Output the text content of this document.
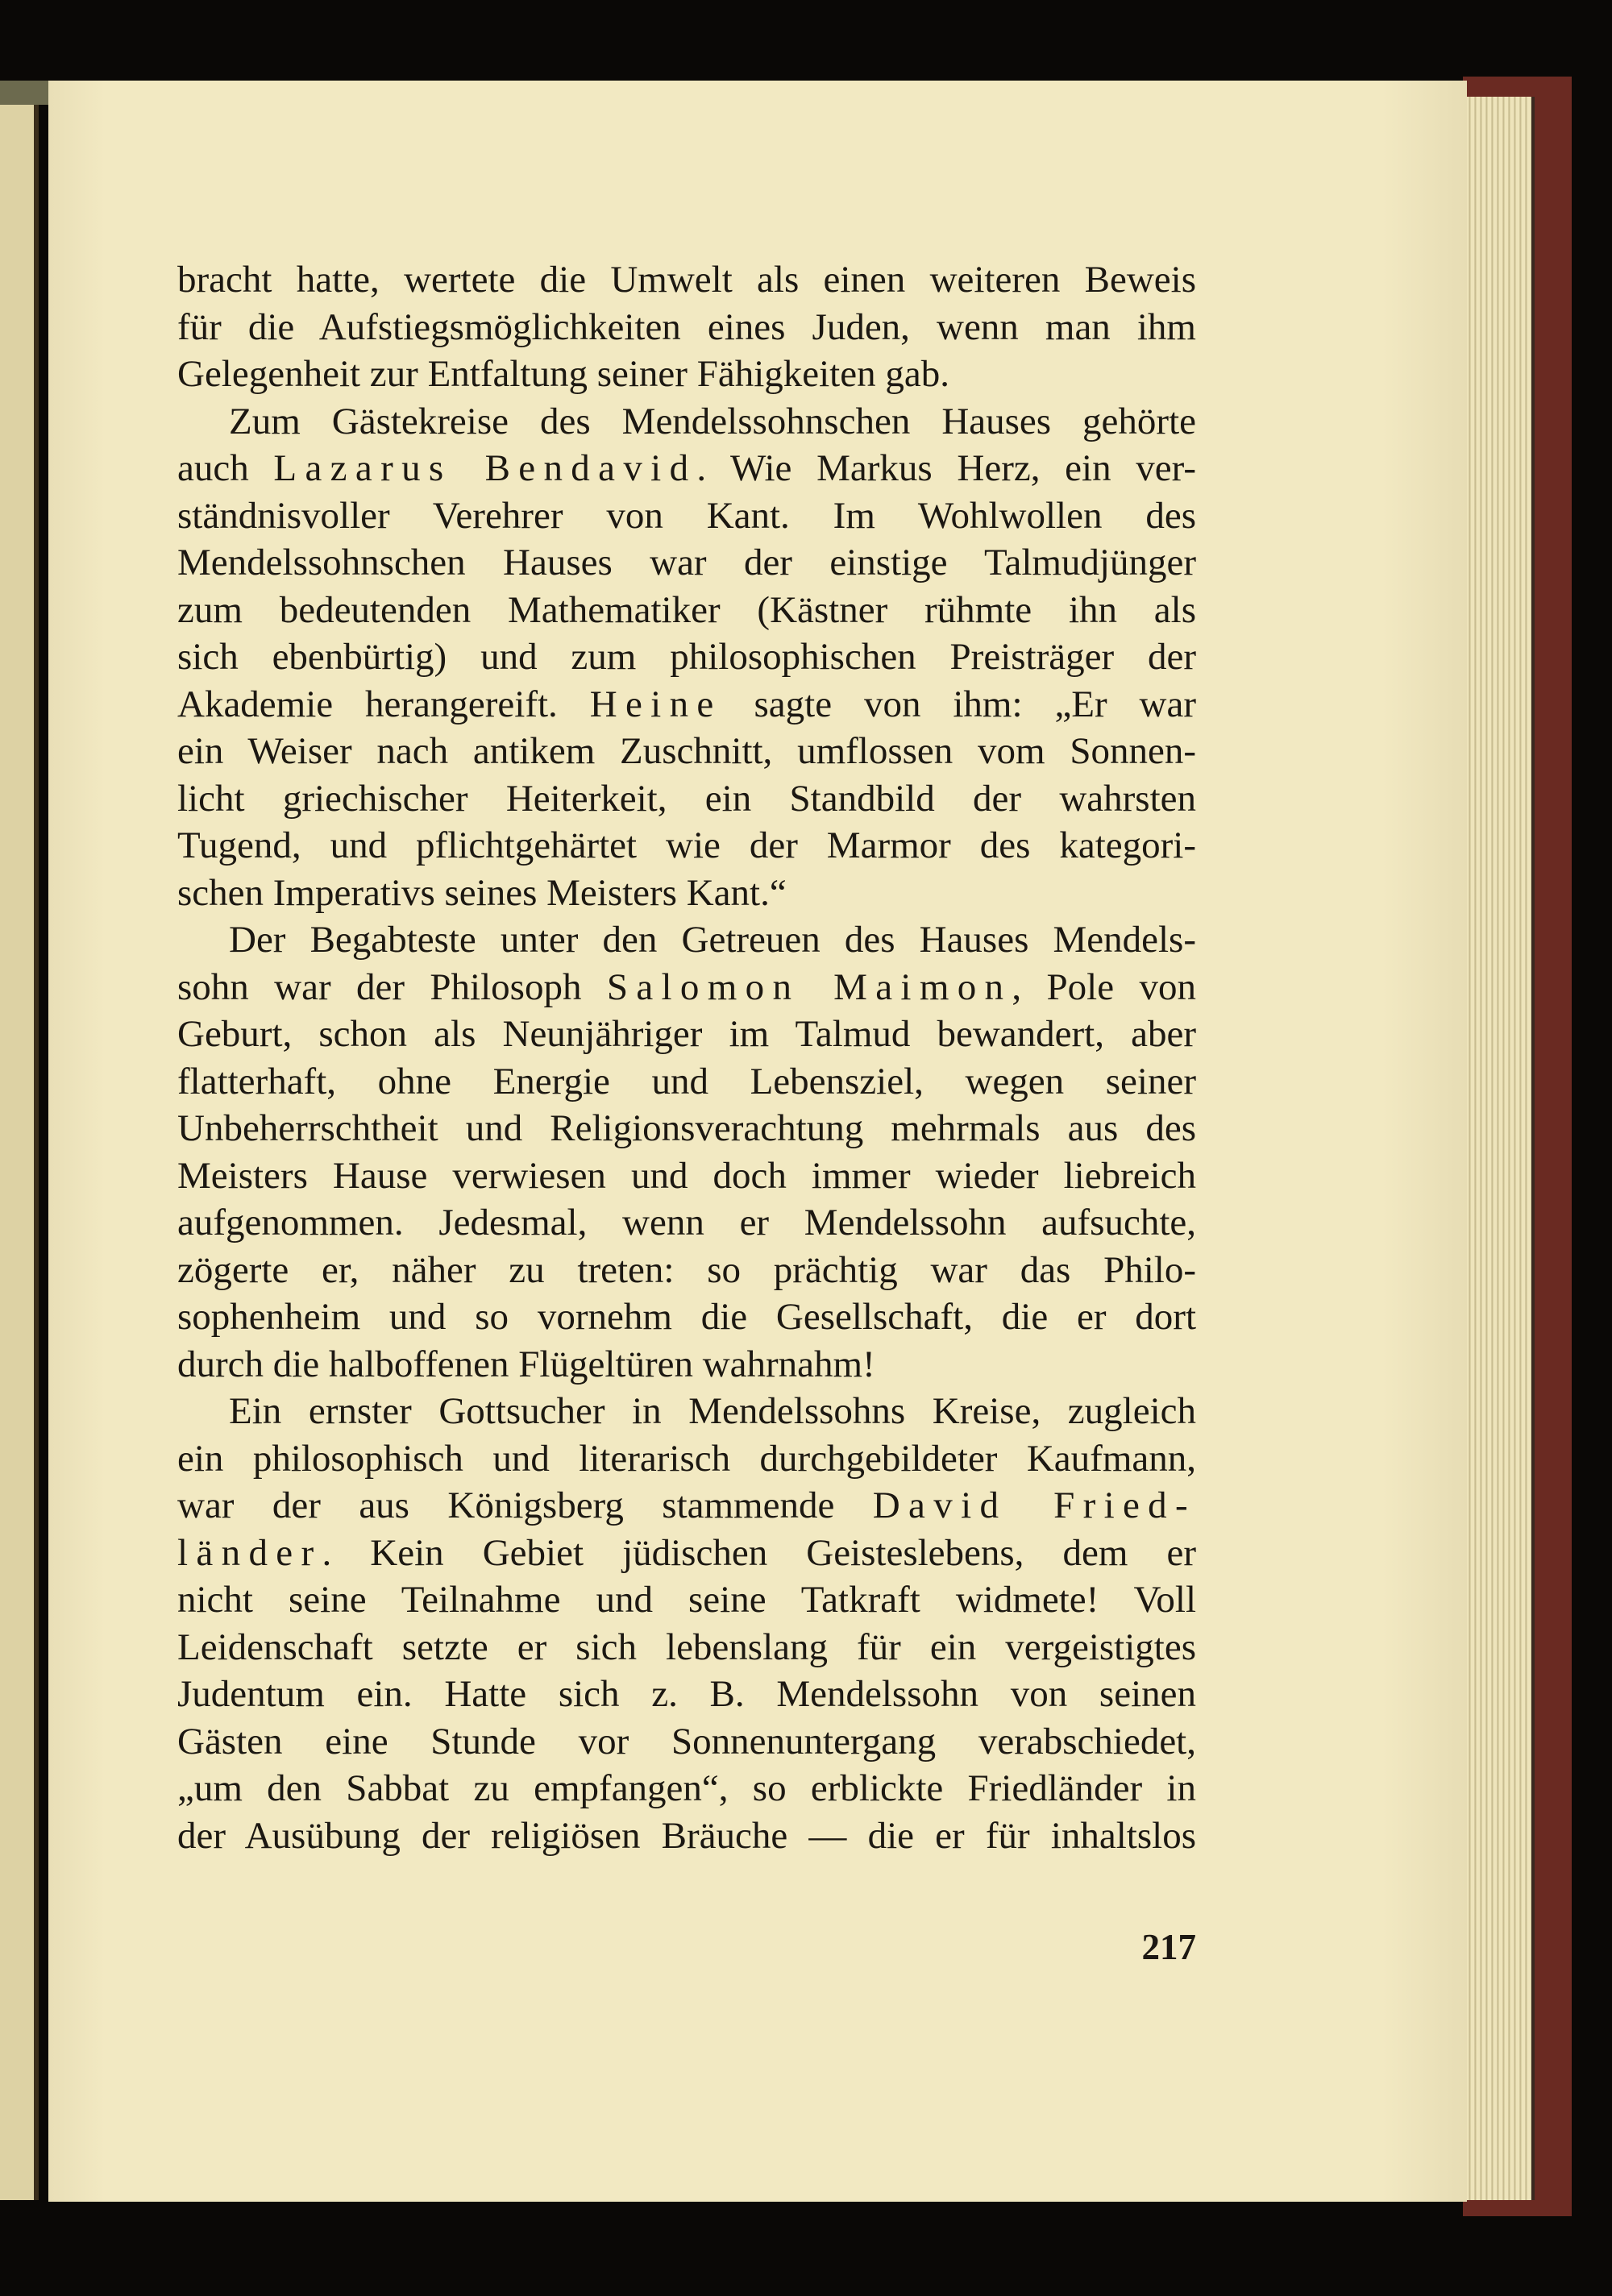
bracht hatte, wertete die Umwelt als einen weiteren Beweis
für die Aufstiegsmöglichkeiten eines Juden, wenn man ihm
Gelegenheit zur Entfaltung seiner Fähigkeiten gab.
Zum Gästekreise des Mendelssohnschen Hauses gehörte
auch Lazarus Bendavid. Wie Markus Herz, ein ver-
ständnisvoller Verehrer von Kant. Im Wohlwollen des
Mendelssohnschen Hauses war der einstige Talmudjünger
zum bedeutenden Mathematiker (Kästner rühmte ihn als
sich ebenbürtig) und zum philosophischen Preisträger der
Akademie herangereift. Heine sagte von ihm: „Er war
ein Weiser nach antikem Zuschnitt, umflossen vom Sonnen-
licht griechischer Heiterkeit, ein Standbild der wahrsten
Tugend, und pflichtgehärtet wie der Marmor des kategori-
schen Imperativs seines Meisters Kant.“
Der Begabteste unter den Getreuen des Hauses Mendels-
sohn war der Philosoph Salomon Maimon, Pole von
Geburt, schon als Neunjähriger im Talmud bewandert, aber
flatterhaft, ohne Energie und Lebensziel, wegen seiner
Unbeherrschtheit und Religionsverachtung mehrmals aus des
Meisters Hause verwiesen und doch immer wieder liebreich
aufgenommen. Jedesmal, wenn er Mendelssohn aufsuchte,
zögerte er, näher zu treten: so prächtig war das Philo-
sophenheim und so vornehm die Gesellschaft, die er dort
durch die halboffenen Flügeltüren wahrnahm!
Ein ernster Gottsucher in Mendelssohns Kreise, zugleich
ein philosophisch und literarisch durchgebildeter Kaufmann,
war der aus Königsberg stammende David Fried-
länder. Kein Gebiet jüdischen Geisteslebens, dem er
nicht seine Teilnahme und seine Tatkraft widmete! Voll
Leidenschaft setzte er sich lebenslang für ein vergeistigtes
Judentum ein. Hatte sich z. B. Mendelssohn von seinen
Gästen eine Stunde vor Sonnenuntergang verabschiedet,
„um den Sabbat zu empfangen“, so erblickte Friedländer in
der Ausübung der religiösen Bräuche — die er für inhaltslos
217
